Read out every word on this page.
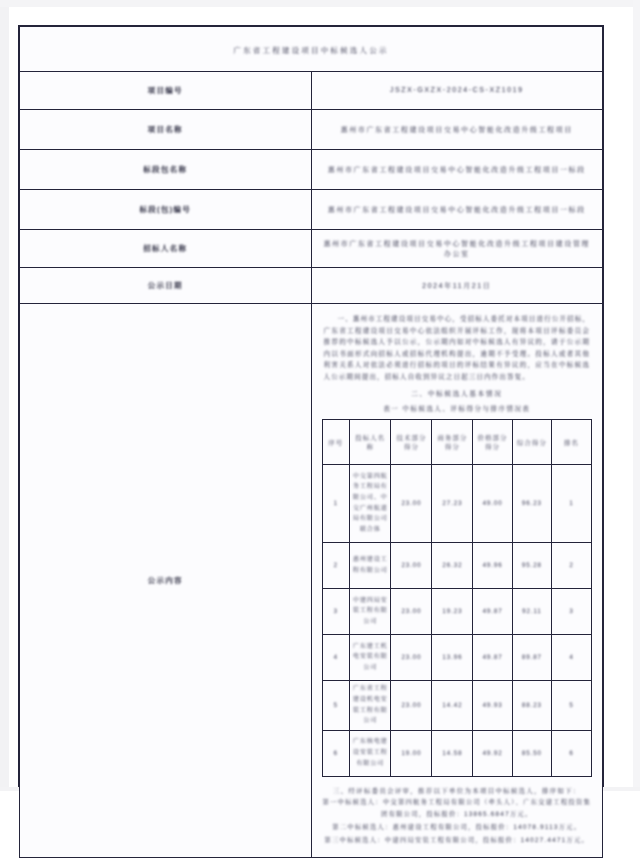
广东省工程建设项目中标候选人公示
项目编号	JSZX-GXZX-2024-CS-XZ1019
项目名称	惠州市广东省工程建设项目交易中心智能化改造升级工程项目
标段包名称	惠州市广东省工程建设项目交易中心智能化改造升级工程项目一标段
标段(包)编号	惠州市广东省工程建设项目交易中心智能化改造升级工程项目一标段
招标人名称	惠州市广东省工程建设项目交易中心智能化改造升级工程项目建设管理办公室
公示日期	2024年11月21日
公示内容	

一、惠州市工程建设项目交易中心，受招标人委托对本项目进行公开招标，广东省工程建设项目交易中心依法组织开展评标工作，现将本项目评标委员会推荐的中标候选人予以公示，公示期内如对中标候选人有异议的，请于公示期内以书面形式向招标人或招标代理机构提出，逾期不予受理。投标人或者其他利害关系人对依法必须进行招标的项目的评标结果有异议的，应当在中标候选人公示期间提出，招标人自收到异议之日起三日内作出答复。

二、中标候选人基本情况
表一 中标候选人、评标得分与排序情况表
序号	投标人名称	技术部分得分	商务部分得分	价格部分得分	综合得分	排名
1	中交第四航务工程局有限公司、中交广州航道局有限公司联合体	23.00	27.23	49.00	96.23	1
2	惠州建设工程有限公司	23.00	26.32	49.96	95.28	2
3	中建四局安装工程有限公司	23.00	19.23	49.87	92.11	3
4	广东建工机电安装有限公司	23.00	13.96	49.87	89.87	4
5	广东省工程建设机电安装工程有限公司	23.00	14.42	49.93	88.23	5
6	广东核电建设安装工程有限公司	19.00	14.58	49.92	85.50	6
三、经评标委员会评审，推荐以下单位为本项目中标候选人，排序如下：
第一中标候选人：中交第四航务工程局有限公司（牵头人）、广东交建工程投资集团有限公司，投标报价：13865.6847万元。
第二中标候选人：惠州建设工程有限公司，投标报价：14078.9113万元。
第三中标候选人：中建四局安装工程有限公司，投标报价：14027.4471万元。
